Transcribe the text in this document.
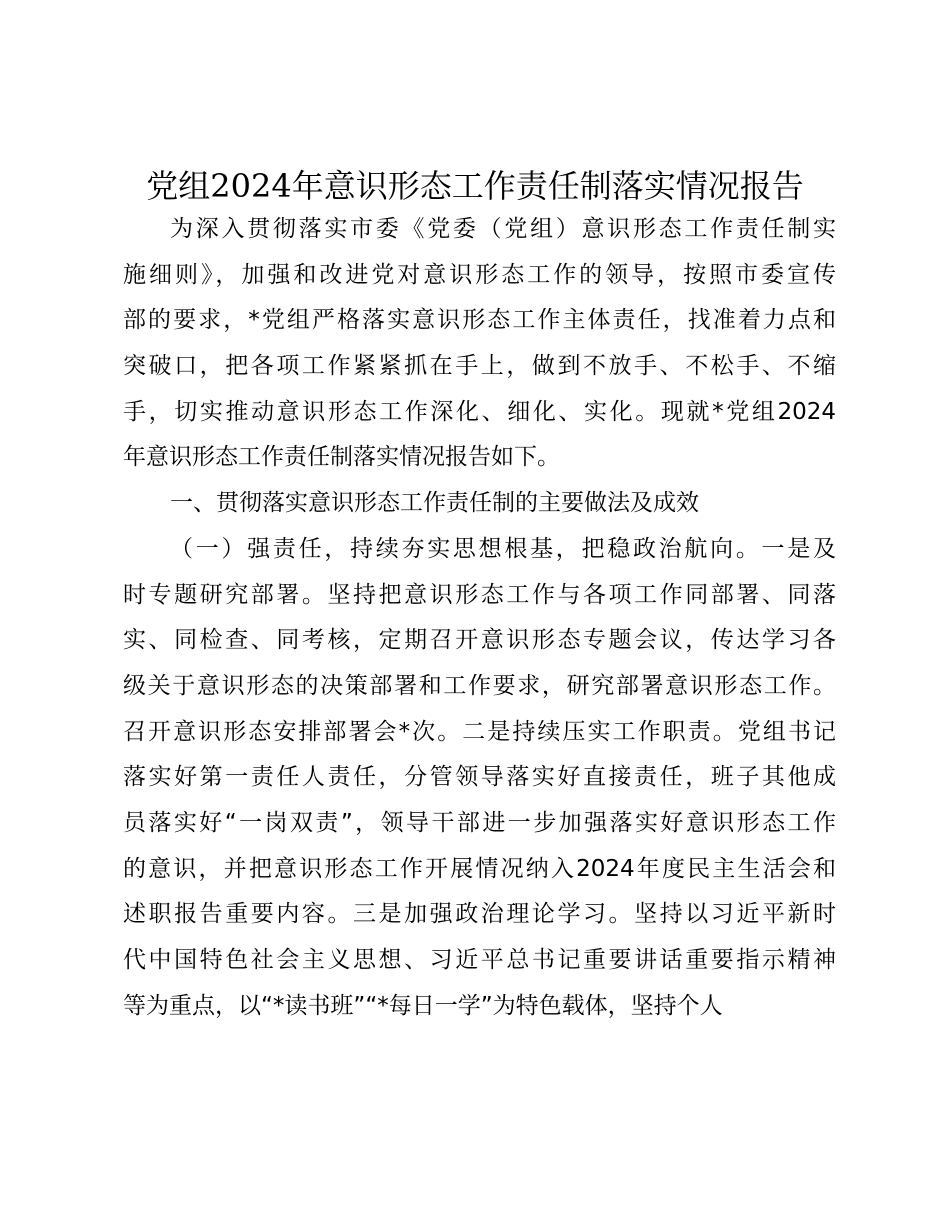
党组2024年意识形态工作责任制落实情况报告
为深入贯彻落实市委《党委（党组）意识形态工作责任制实
施细则》，加强和改进党对意识形态工作的领导，按照市委宣传
部的要求，*党组严格落实意识形态工作主体责任，找准着力点和
突破口，把各项工作紧紧抓在手上，做到不放手、不松手、不缩
手，切实推动意识形态工作深化、细化、实化。现就*党组2024
年意识形态工作责任制落实情况报告如下。
一、贯彻落实意识形态工作责任制的主要做法及成效
（一）强责任，持续夯实思想根基，把稳政治航向。一是及
时专题研究部署。坚持把意识形态工作与各项工作同部署、同落
实、同检查、同考核，定期召开意识形态专题会议，传达学习各
级关于意识形态的决策部署和工作要求，研究部署意识形态工作。
召开意识形态安排部署会*次。二是持续压实工作职责。党组书记
落实好第一责任人责任，分管领导落实好直接责任，班子其他成
员落实好“一岗双责”，领导干部进一步加强落实好意识形态工作
的意识，并把意识形态工作开展情况纳入2024年度民主生活会和
述职报告重要内容。三是加强政治理论学习。坚持以习近平新时
代中国特色社会主义思想、习近平总书记重要讲话重要指示精神
等为重点，以“*读书班”“*每日一学”为特色载体，坚持个人
